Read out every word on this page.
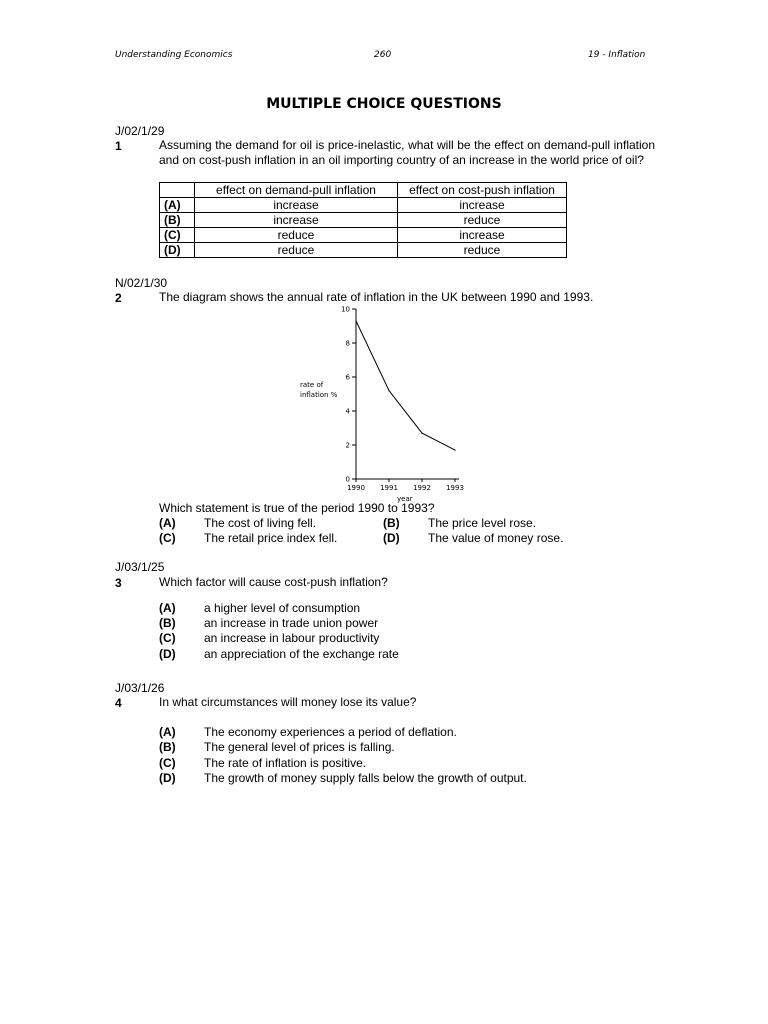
Understanding Economics	260	19 - Inflation
MULTIPLE CHOICE QUESTIONS
J/02/1/29
1	Assuming the demand for oil is price-inelastic, what will be the effect on demand-pull inflation and on cost-push inflation in an oil importing country of an increase in the world price of oil?
	effect on demand-pull inflation	effect on cost-push inflation
(A)	increase	increase
(B)	increase	reduce
(C)	reduce	increase
(D)	reduce	reduce
N/02/1/30
2	The diagram shows the annual rate of inflation in the UK between 1990 and 1993.
0
2
4
6
8
10
1990 1991 1992 1993
rate of
inflation %
year
Which statement is true of the period 1990 to 1993?
(A) The cost of living fell.	(B) The price level rose.
(C) The retail price index fell.	(D) The value of money rose.
J/03/1/25
3	Which factor will cause cost-push inflation?
(A) a higher level of consumption
(B) an increase in trade union power
(C) an increase in labour productivity
(D) an appreciation of the exchange rate
J/03/1/26
4	In what circumstances will money lose its value?
(A) The economy experiences a period of deflation.
(B) The general level of prices is falling.
(C) The rate of inflation is positive.
(D) The growth of money supply falls below the growth of output.
